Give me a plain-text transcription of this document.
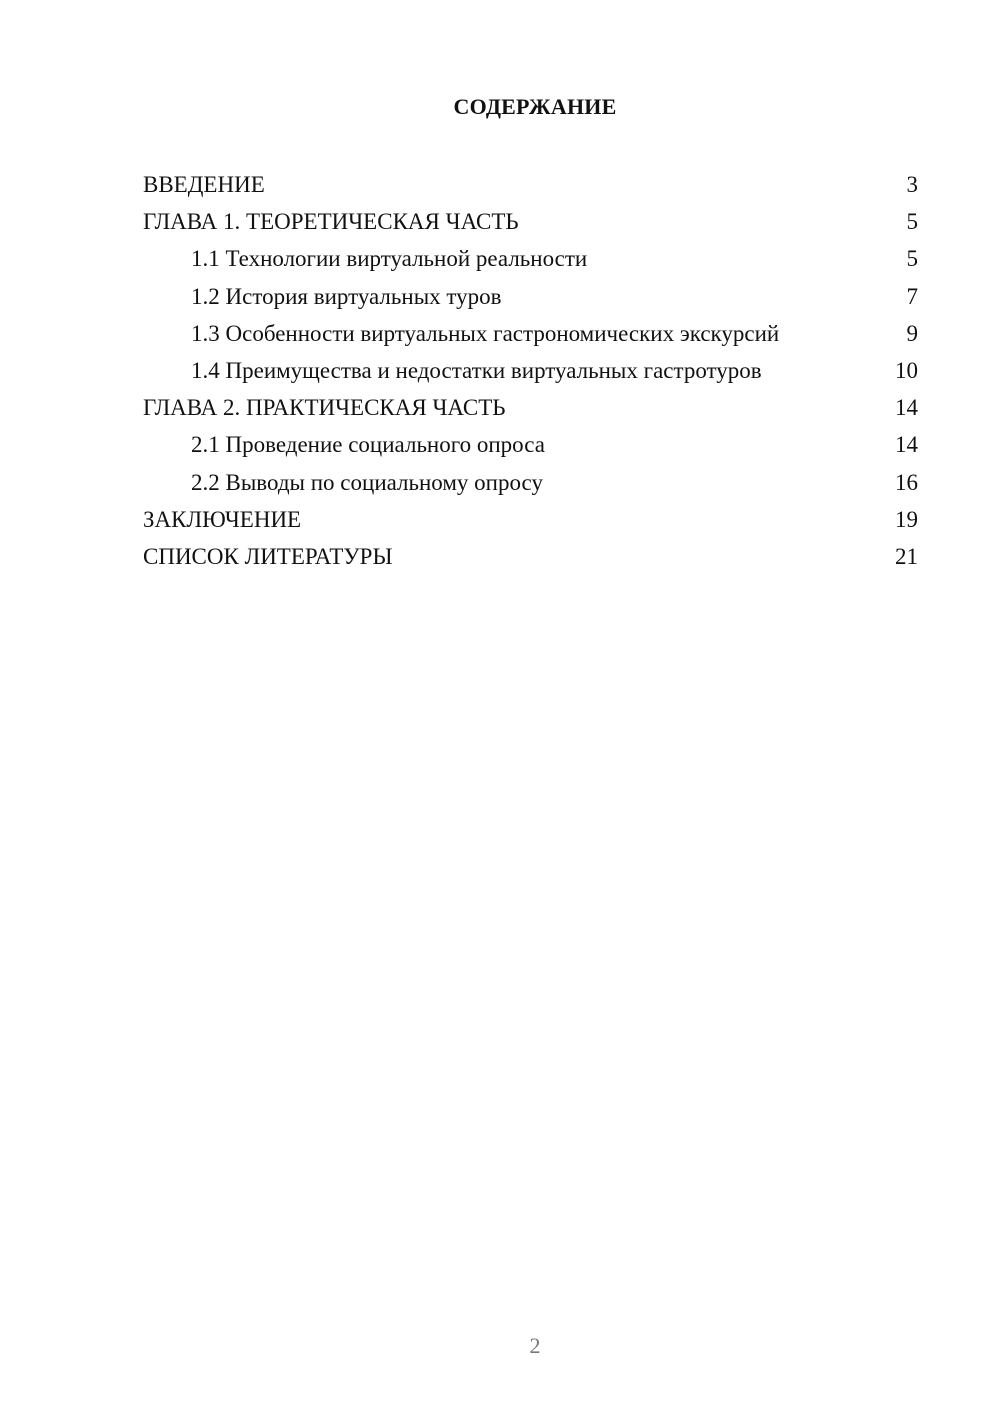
СОДЕРЖАНИЕ
ВВЕДЕНИЕ	3
ГЛАВА 1. ТЕОРЕТИЧЕСКАЯ ЧАСТЬ	5
1.1 Технологии виртуальной реальности	5
1.2 История виртуальных туров	7
1.3 Особенности виртуальных гастрономических экскурсий	9
1.4 Преимущества и недостатки виртуальных гастротуров	10
ГЛАВА 2. ПРАКТИЧЕСКАЯ ЧАСТЬ	14
2.1 Проведение социального опроса	14
2.2 Выводы по социальному опросу	16
ЗАКЛЮЧЕНИЕ	19
СПИСОК ЛИТЕРАТУРЫ	21
2
